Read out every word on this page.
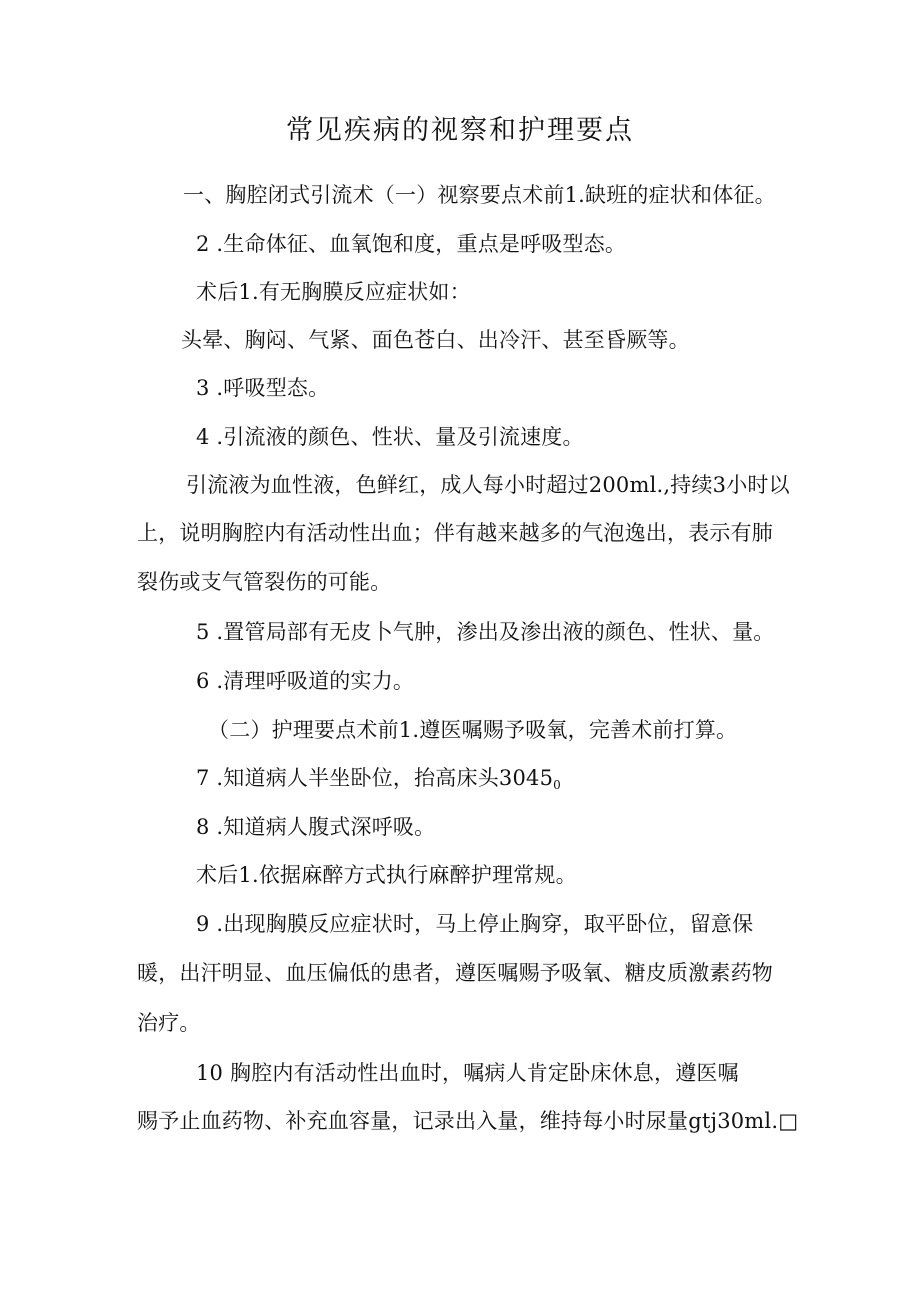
常见疾病的视察和护理要点
一、胸腔闭式引流术（一）视察要点术前1.缺班的症状和体征。
2 .生命体征、血氧饱和度，重点是呼吸型态。
术后1.有无胸膜反应症状如：
头晕、胸闷、气紧、面色苍白、出冷汗、甚至昏厥等。
3 .呼吸型态。
4 .引流液的颜色、性状、量及引流速度。
引流液为血性液，色鲜红，成人每小时超过200ml.,持续3小时以
上，说明胸腔内有活动性出血；伴有越来越多的气泡逸出，表示有肺
裂伤或支气管裂伤的可能。
5 .置管局部有无皮卜气肿，渗出及渗出液的颜色、性状、量。
6 .清理呼吸道的实力。
（二）护理要点术前1.遵医嘱赐予吸氧，完善术前打算。
7 .知道病人半坐卧位，抬高床头$3045_0$
8 .知道病人腹式深呼吸。
术后1.依据麻醉方式执行麻醉护理常规。
9 .出现胸膜反应症状时，马上停止胸穿，取平卧位，留意保
暖，出汗明显、血压偏低的患者，遵医嘱赐予吸氧、糖皮质激素药物
治疗。
10 胸腔内有活动性出血时，嘱病人肯定卧床休息，遵医嘱
赐予止血药物、补充血容量，记录出入量，维持每小时尿量gtj30ml.□
